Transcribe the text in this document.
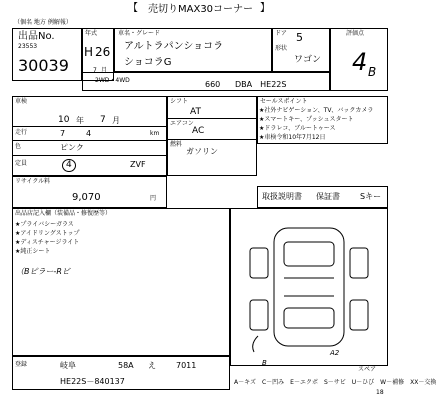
【 売切りMAX30コーナー 】
（個名 地方 例解報）
出品No.
23553
30039
年式
H 26
7 月
車名・グレード
アルトラパンショコラ
ショコラG
ドア 5
形状
ワゴン
評価点
4 B
2WD・4WD	660 DBA　HE22S
車検
10 年 7 月
走行	7	4	km
色	ピンク
定員	4	ZVF
シフト
AT
エアコン
AC
燃料
ガソリン
セールスポイント
★社外ナビゲーション、TV、バックカメラ
★スマートキー、プッシュスタート
★ドラレコ、ブルートゥース
★車検令和10年7月12日
リサイクル料
9,070	円	取扱説明書 保証書	Sキー
出品店記入欄（装備品・修復歴等）
★プライバシーガラス
★アイドリングストップ
★ディスチャージライト
★純正シート
（Bピラー-Rビ
スペア
A2
B
登録	岐阜	58A え	7011
HE22S－840137	A－キズ　C－凹み　E－エクボ　S－サビ　U－ひび　W－補修　XX－交換
18
